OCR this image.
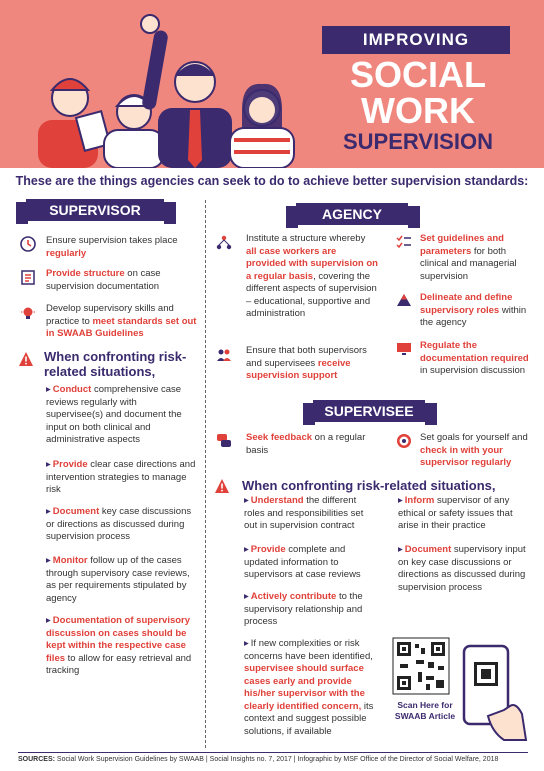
IMPROVING
SOCIAL
WORK
SUPERVISION
These are the things agencies can seek to do to achieve better supervision standards:
SUPERVISOR
Ensure supervision takes place regularly
Provide structure on case supervision documentation
Develop supervisory skills and practice to meet standards set out in SWAAB Guidelines
When confronting risk-related situations,
▸ Conduct comprehensive case reviews regularly with supervisee(s) and document the input on both clinical and administrative aspects
▸ Provide clear case directions and intervention strategies to manage risk
▸ Document key case discussions or directions as discussed during supervision process
▸ Monitor follow up of the cases through supervisory case reviews, as per requirements stipulated by agency
▸ Documentation of supervisory discussion on cases should be kept within the respective case files to allow for easy retrieval and tracking
AGENCY
Institute a structure whereby all case workers are provided with supervision on a regular basis, covering the different aspects of supervision – educational, supportive and administration
Ensure that both supervisors and supervisees receive supervision support
Set guidelines and parameters for both clinical and managerial supervision
Delineate and define supervisory roles within the agency
Regulate the documentation required in supervision discussion
SUPERVISEE
Seek feedback on a regular basis
Set goals for yourself and check in with your supervisor regularly
When confronting risk-related situations,
▸ Understand the different roles and responsibilities set out in supervision contract
▸ Provide complete and updated information to supervisors at case reviews
▸ Actively contribute to the supervisory relationship and process
▸ If new complexities or risk concerns have been identified, supervisee should surface cases early and provide his/her supervisor with the clearly identified concern, its context and suggest possible solutions, if available
▸ Inform supervisor of any ethical or safety issues that arise in their practice
▸ Document supervisory input on key case discussions or directions as discussed during supervision process
Scan Here for SWAAB Article
SOURCES: Social Work Supervision Guidelines by SWAAB | Social Insights no. 7, 2017 | Infographic by MSF Office of the Director of Social Welfare, 2018
